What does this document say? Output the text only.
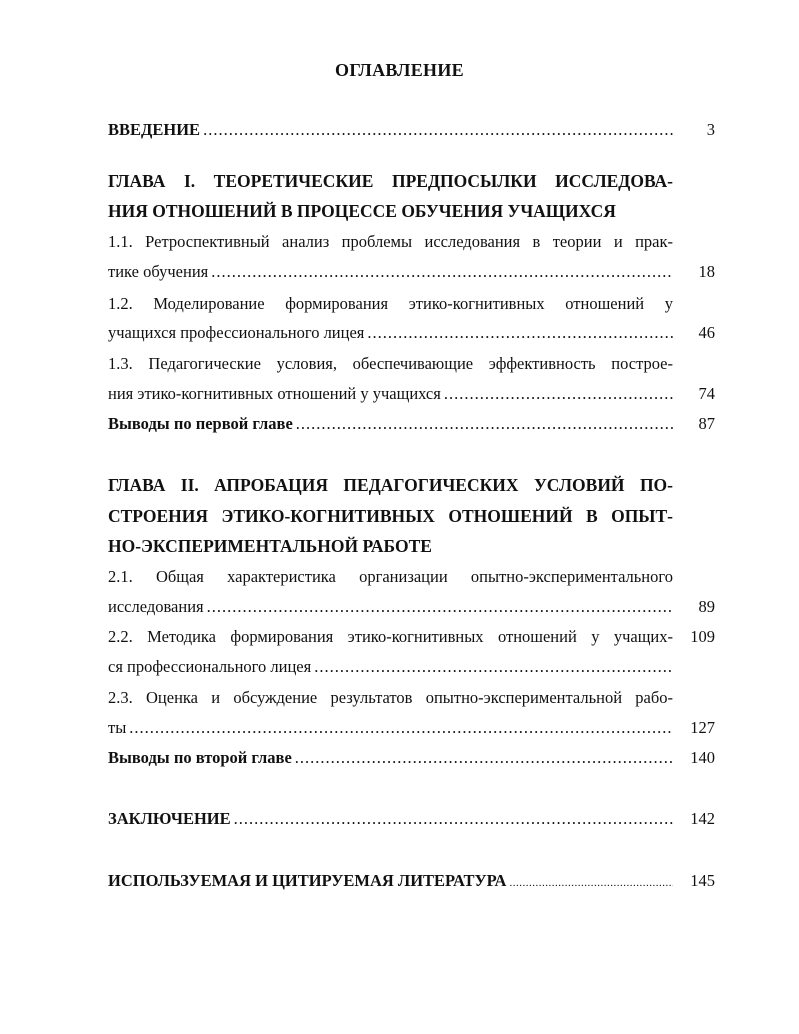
ОГЛАВЛЕНИЕ
ВВЕДЕНИЕ .....	3
ГЛАВА I. ТЕОРЕТИЧЕСКИЕ ПРЕДПОСЫЛКИ ИССЛЕДОВА-
НИЯ ОТНОШЕНИЙ В ПРОЦЕССЕ ОБУЧЕНИЯ УЧАЩИХСЯ
1.1. Ретроспективный анализ проблемы исследования в теории и прак-
тике обучения .....	18
1.2. Моделирование формирования этико-когнитивных отношений у
учащихся профессионального лицея .....	46
1.3. Педагогические условия, обеспечивающие эффективность построе-
ния этико-когнитивных отношений у учащихся .....	74
Выводы по первой главе .....	87
ГЛАВА II. АПРОБАЦИЯ ПЕДАГОГИЧЕСКИХ УСЛОВИЙ ПО-
СТРОЕНИЯ ЭТИКО-КОГНИТИВНЫХ ОТНОШЕНИЙ В ОПЫТ-
НО-ЭКСПЕРИМЕНТАЛЬНОЙ РАБОТЕ
2.1. Общая характеристика организации опытно-экспериментального
исследования .....	89
2.2. Методика формирования этико-когнитивных отношений у учащих-	109
ся профессионального лицея
.....
2.3. Оценка и обсуждение результатов опытно-экспериментальной рабо-
ты .....	127
Выводы по второй главе .....	140
ЗАКЛЮЧЕНИЕ .....	142
ИСПОЛЬЗУЕМАЯ И ЦИТИРУЕМАЯ ЛИТЕРАТУРА .....	145
